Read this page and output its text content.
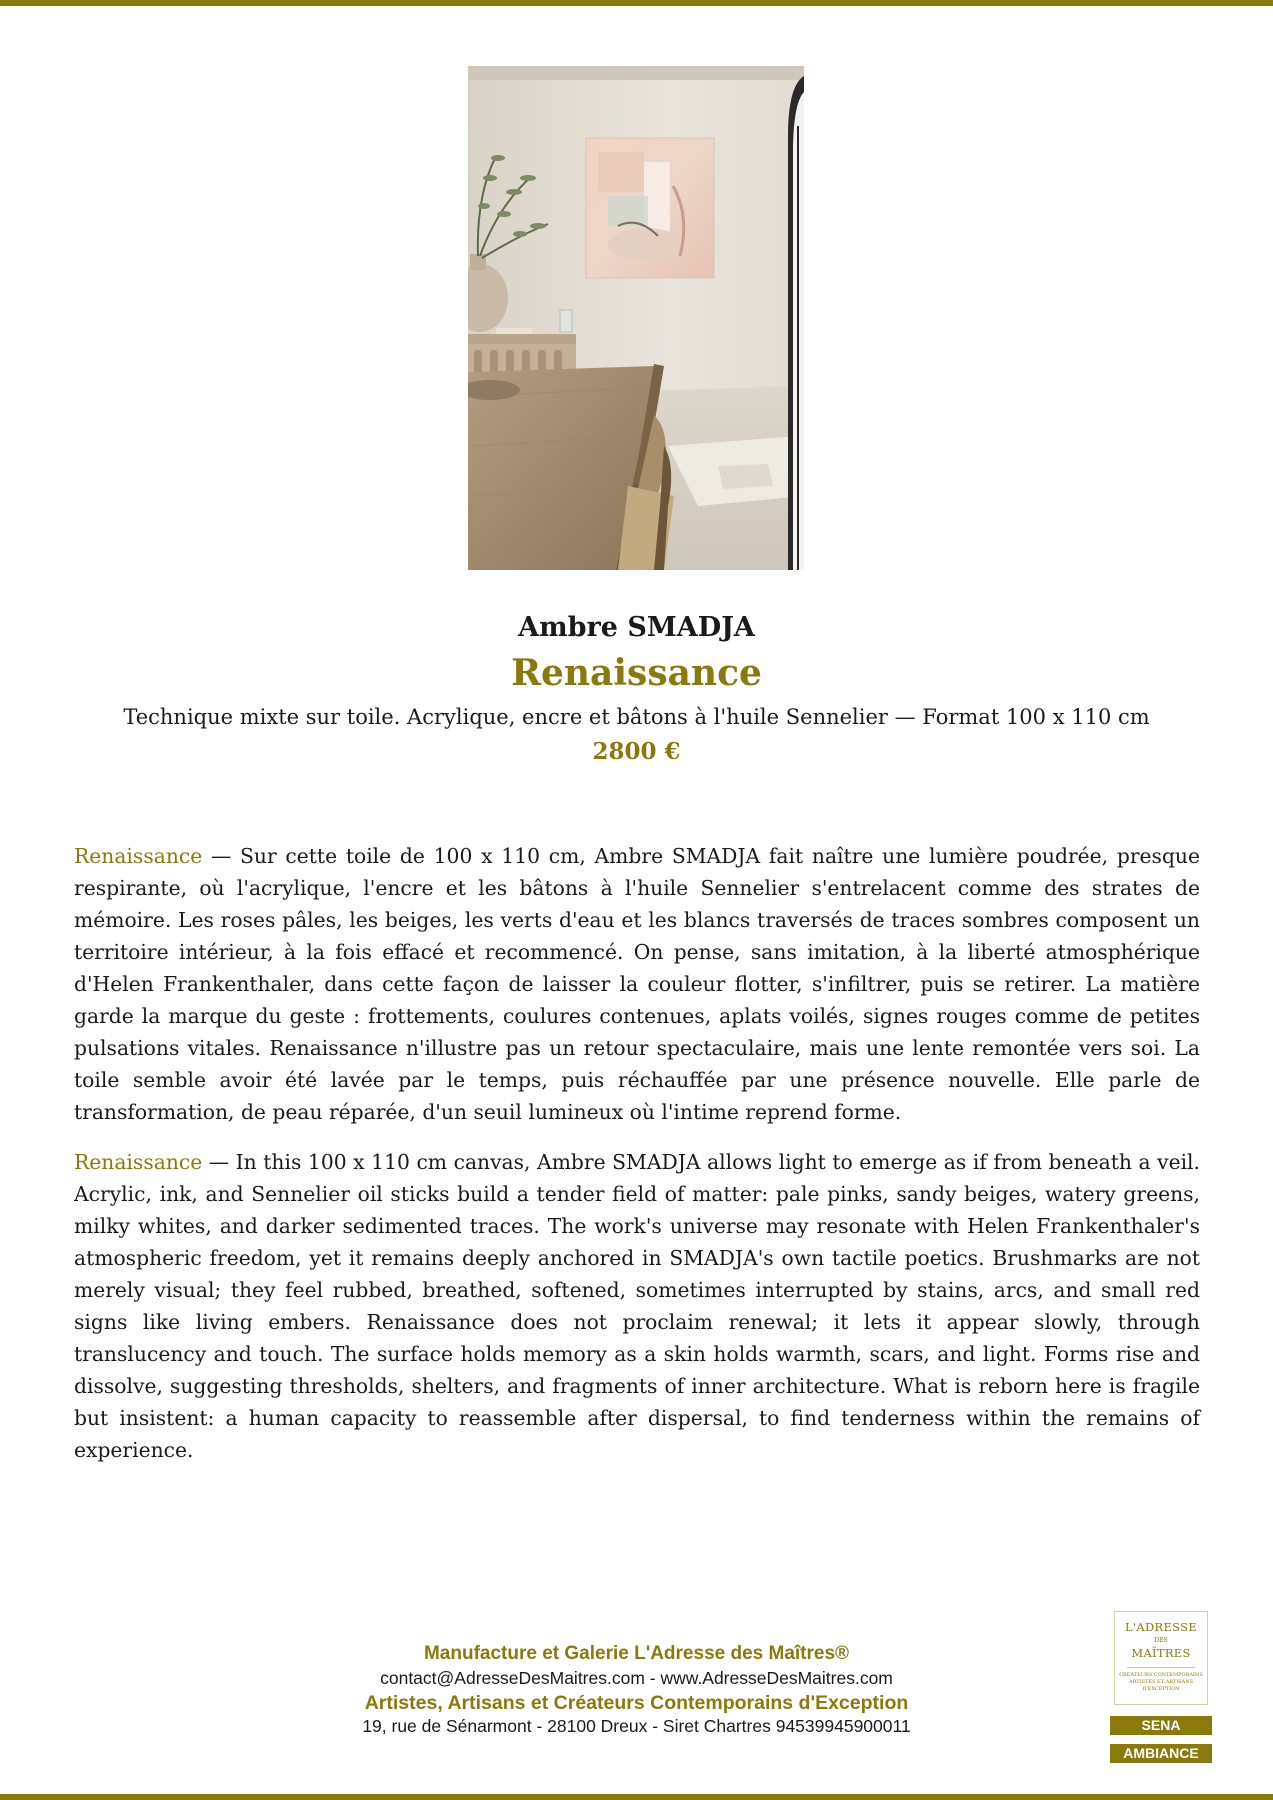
Ambre SMADJA
Renaissance
Technique mixte sur toile. Acrylique, encre et bâtons à l'huile Sennelier — Format 100 x 110 cm
2800 €

Renaissance — Sur cette toile de 100 x 110 cm, Ambre SMADJA fait naître une lumière poudrée, presque respirante, où l'acrylique, l'encre et les bâtons à l'huile Sennelier s'entrelacent comme des strates de mémoire. Les roses pâles, les beiges, les verts d'eau et les blancs traversés de traces sombres composent un territoire intérieur, à la fois effacé et recommencé. On pense, sans imitation, à la liberté atmosphérique d'Helen Frankenthaler, dans cette façon de laisser la couleur flotter, s'infiltrer, puis se retirer. La matière garde la marque du geste : frottements, coulures contenues, aplats voilés, signes rouges comme de petites pulsations vitales. Renaissance n'illustre pas un retour spectaculaire, mais une lente remontée vers soi. La toile semble avoir été lavée par le temps, puis réchauffée par une présence nouvelle. Elle parle de transformation, de peau réparée, d'un seuil lumineux où l'intime reprend forme.

Renaissance — In this 100 x 110 cm canvas, Ambre SMADJA allows light to emerge as if from beneath a veil. Acrylic, ink, and Sennelier oil sticks build a tender field of matter: pale pinks, sandy beiges, watery greens, milky whites, and darker sedimented traces. The work's universe may resonate with Helen Frankenthaler's atmospheric freedom, yet it remains deeply anchored in SMADJA's own tactile poetics. Brushmarks are not merely visual; they feel rubbed, breathed, softened, sometimes interrupted by stains, arcs, and small red signs like living embers. Renaissance does not proclaim renewal; it lets it appear slowly, through translucency and touch. The surface holds memory as a skin holds warmth, scars, and light. Forms rise and dissolve, suggesting thresholds, shelters, and fragments of inner architecture. What is reborn here is fragile but insistent: a human capacity to reassemble after dispersal, to find tenderness within the remains of experience.

Manufacture et Galerie L'Adresse des Maîtres®
contact@AdresseDesMaitres.com - www.AdresseDesMaitres.com
Artistes, Artisans et Créateurs Contemporains d'Exception
19, rue de Sénarmont - 28100 Dreux - Siret Chartres 94539945900011
L'ADRESSE
DES
MAÎTRES
CRÉATEURS CONTEMPORAINS ARTISTES ET ARTISANS D'EXCEPTION
SENA
AMBIANCE
